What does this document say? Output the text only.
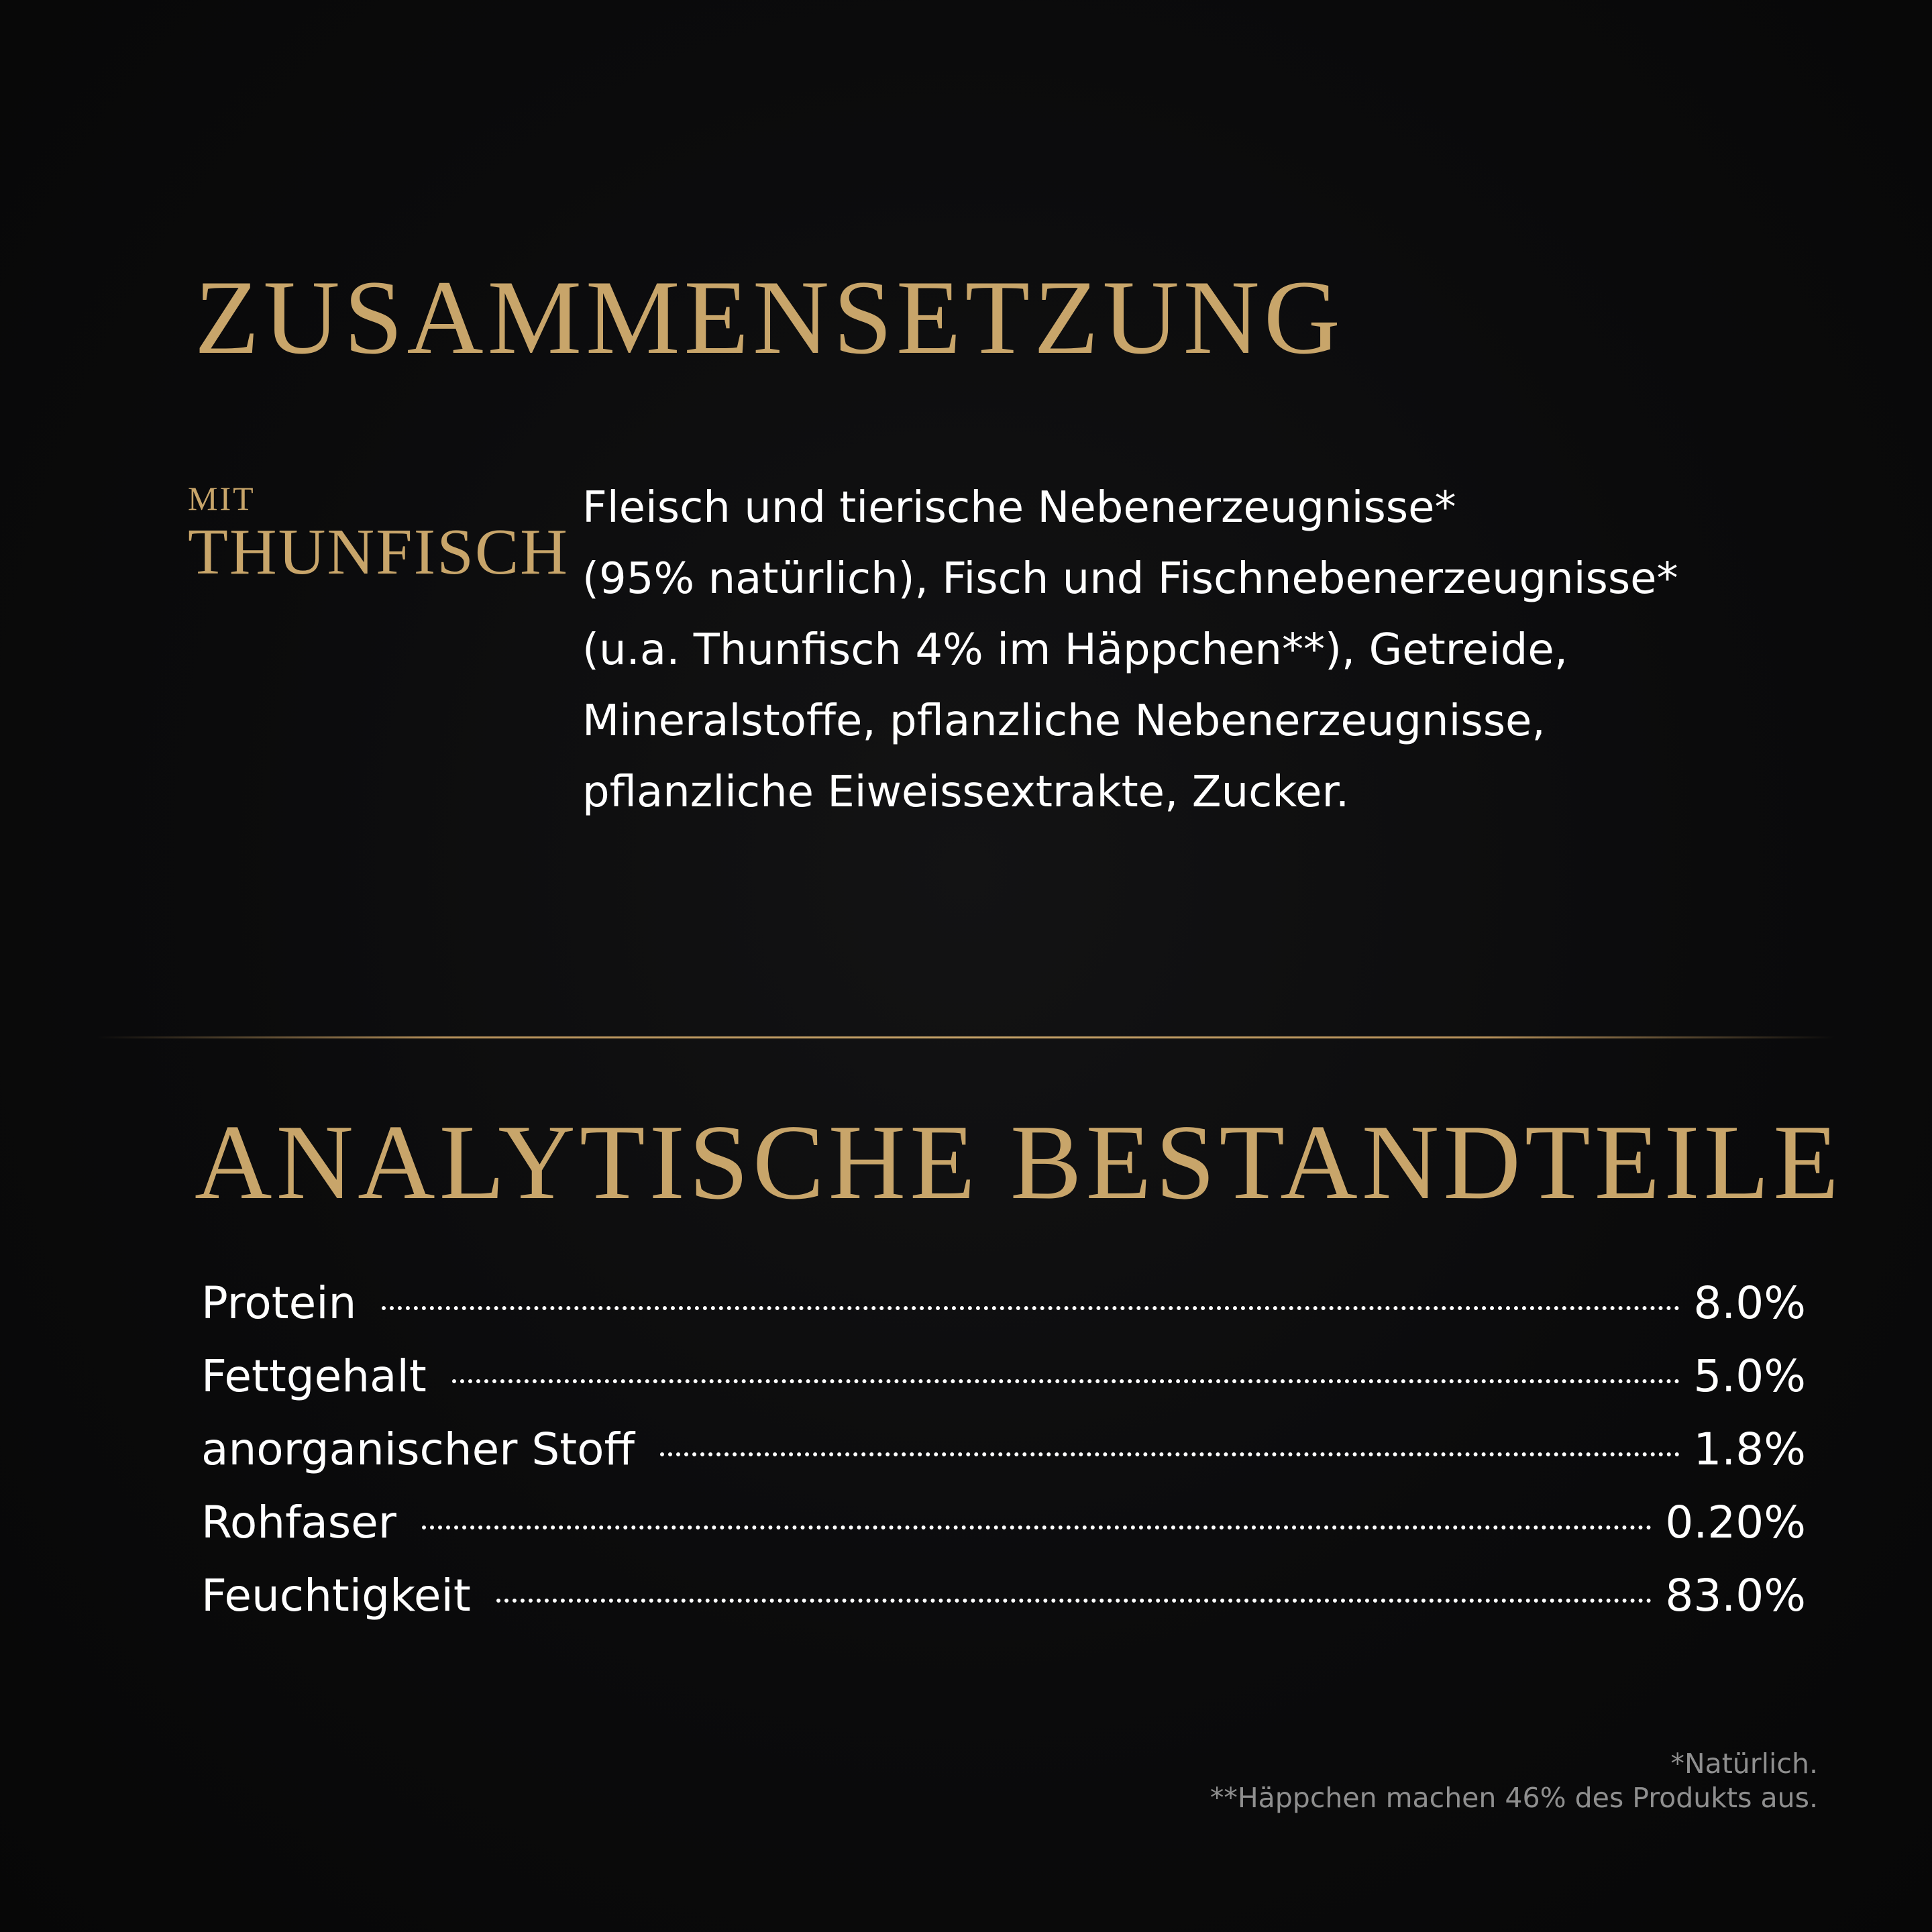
ZUSAMMENSETZUNG
MIT
THUNFISCH

Fleisch und tierische Nebenerzeugnisse*
(95% natürlich), Fisch und Fischnebenerzeugnisse*
(u.a. Thunfisch 4% im Häppchen**), Getreide,
Mineralstoffe, pflanzliche Nebenerzeugnisse,
pflanzliche Eiweissextrakte, Zucker.

ANALYTISCHE BESTANDTEILE
Protein	8.0%
Fettgehalt	5.0%
anorganischer Stoff	1.8%
Rohfaser	0.20%
Feuchtigkeit	83.0%
*Natürlich.
**Häppchen machen 46% des Produkts aus.
